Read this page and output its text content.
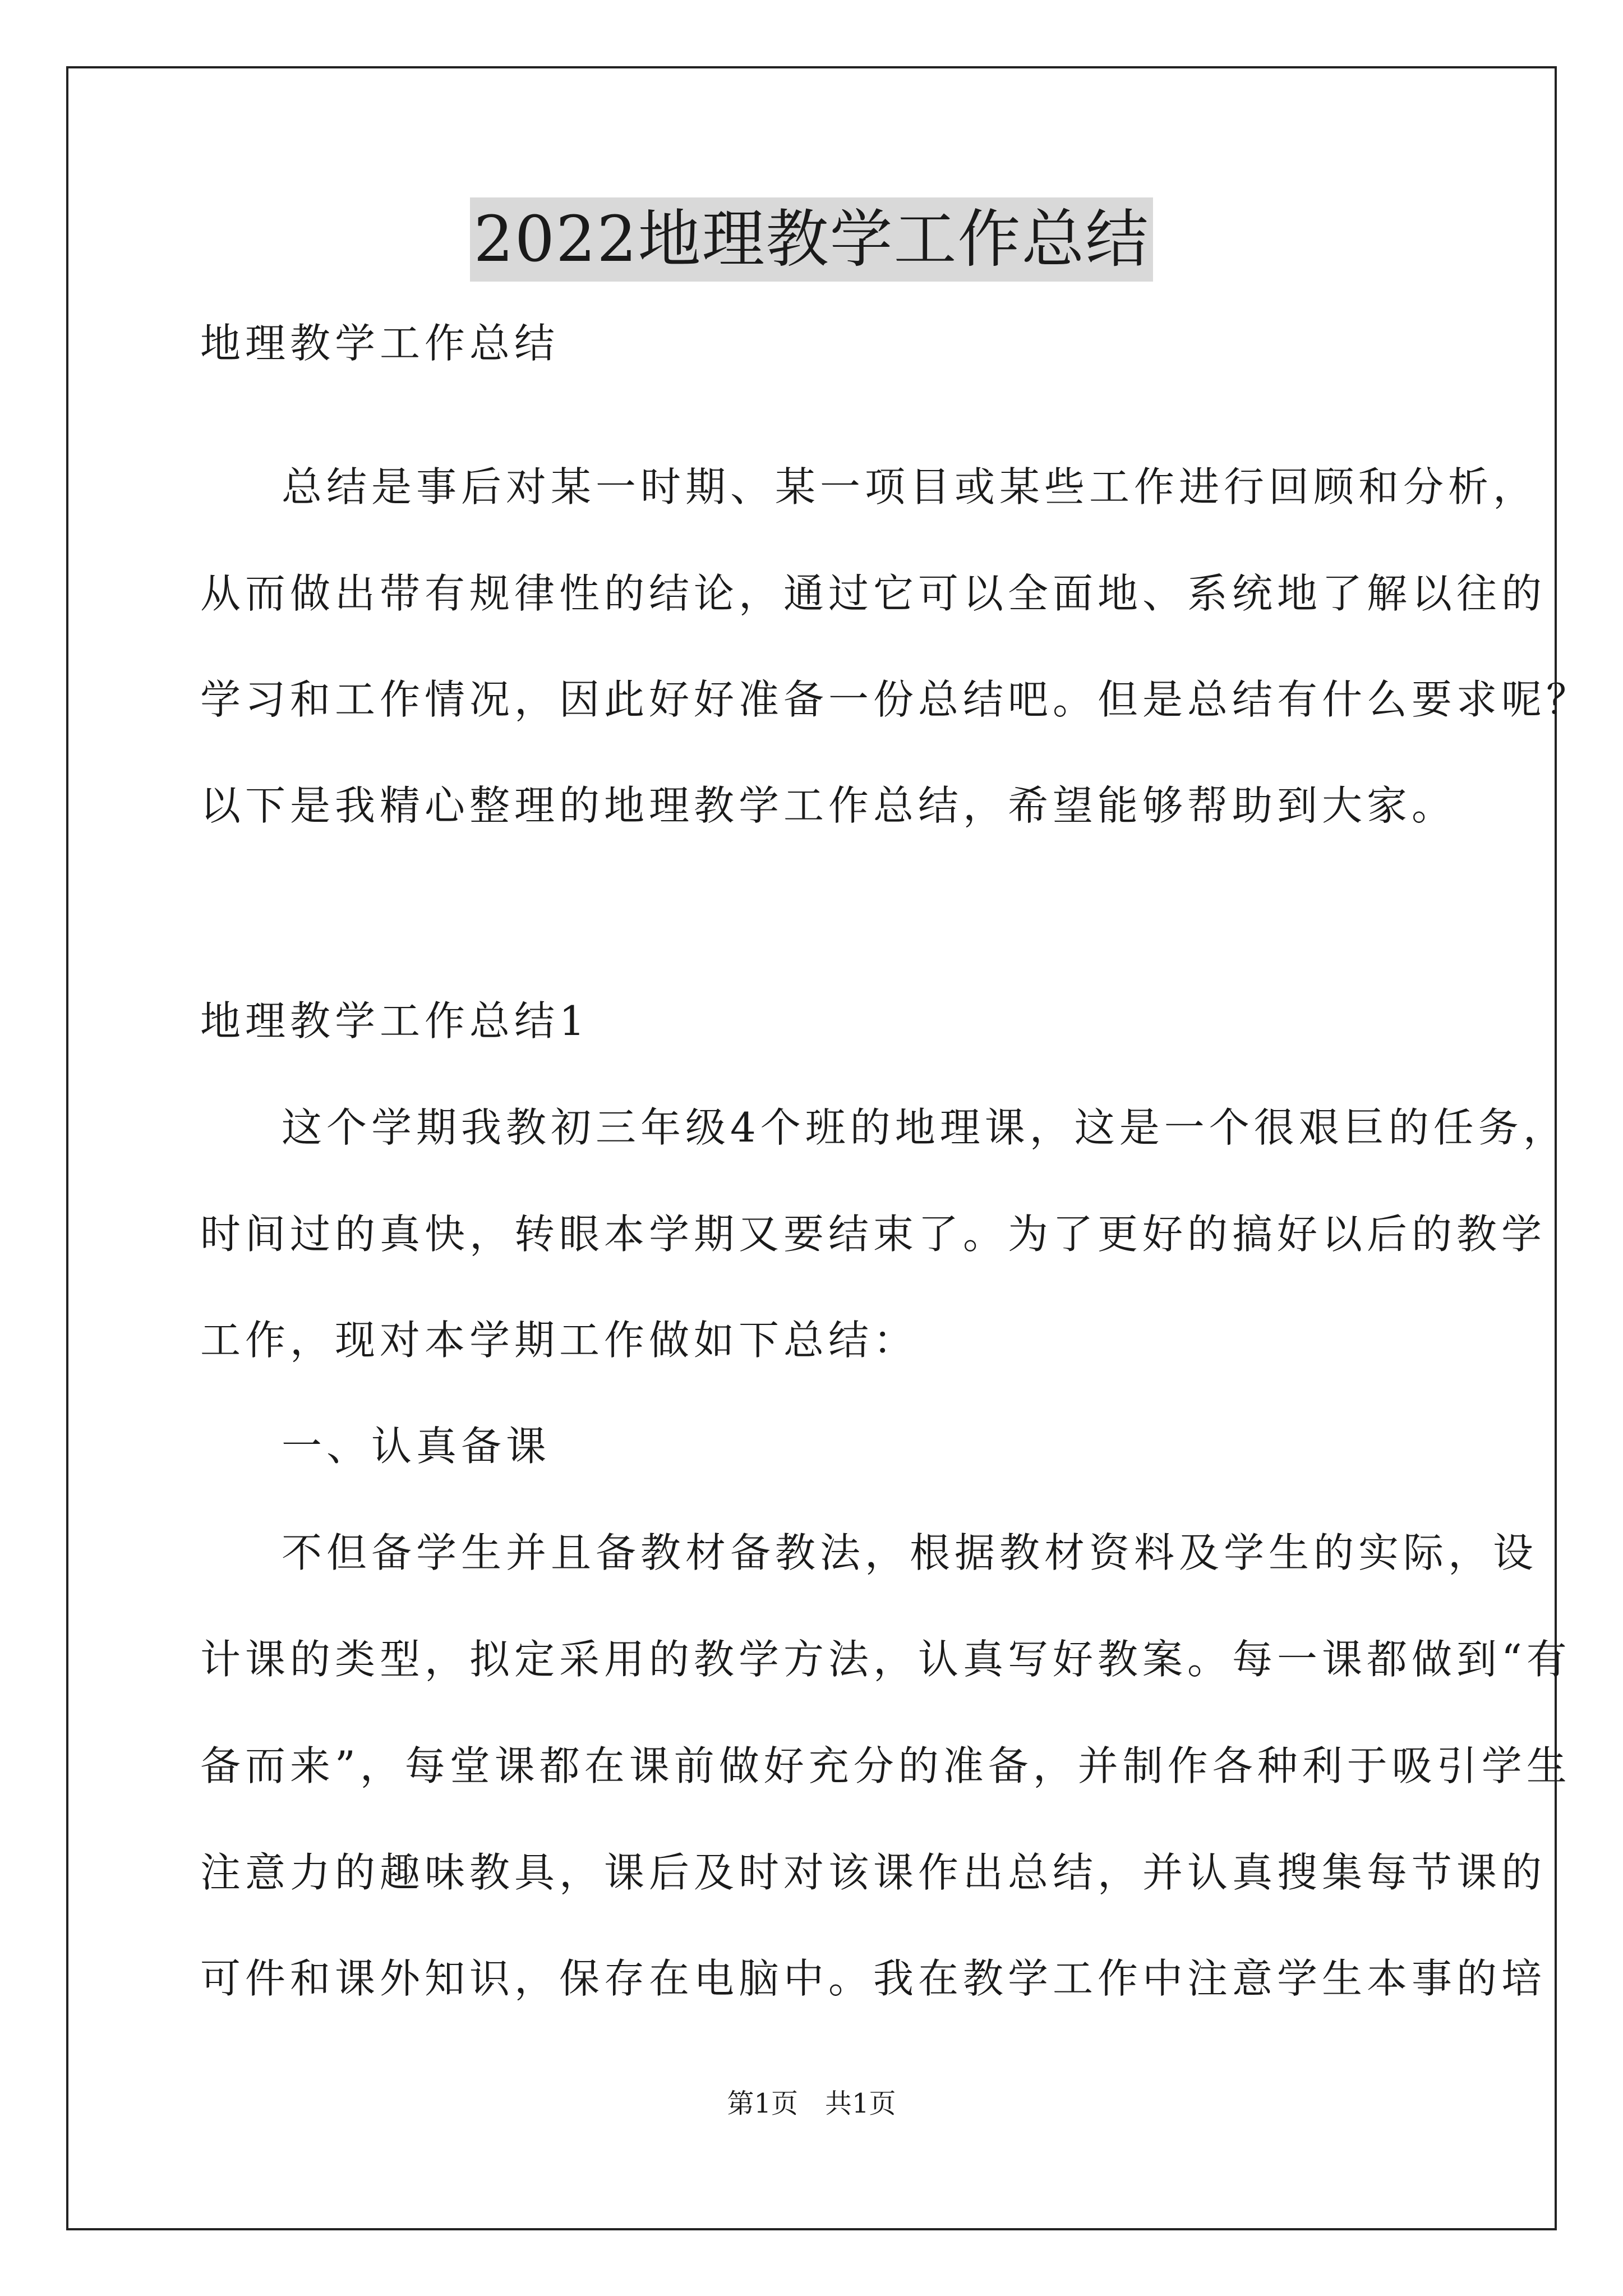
2022地理教学工作总结

地理教学工作总结

总结是事后对某一时期、某一项目或某些工作进行回顾和分析，

从而做出带有规律性的结论，通过它可以全面地、系统地了解以往的

学习和工作情况，因此好好准备一份总结吧。但是总结有什么要求呢？

以下是我精心整理的地理教学工作总结，希望能够帮助到大家。

地理教学工作总结1

这个学期我教初三年级4个班的地理课，这是一个很艰巨的任务，

时间过的真快，转眼本学期又要结束了。为了更好的搞好以后的教学

工作，现对本学期工作做如下总结：

一、认真备课

不但备学生并且备教材备教法，根据教材资料及学生的实际，设

计课的类型，拟定采用的教学方法，认真写好教案。每一课都做到“有

备而来”，每堂课都在课前做好充分的准备，并制作各种利于吸引学生

注意力的趣味教具，课后及时对该课作出总结，并认真搜集每节课的

可件和课外知识，保存在电脑中。我在教学工作中注意学生本事的培

第1页　共1页
